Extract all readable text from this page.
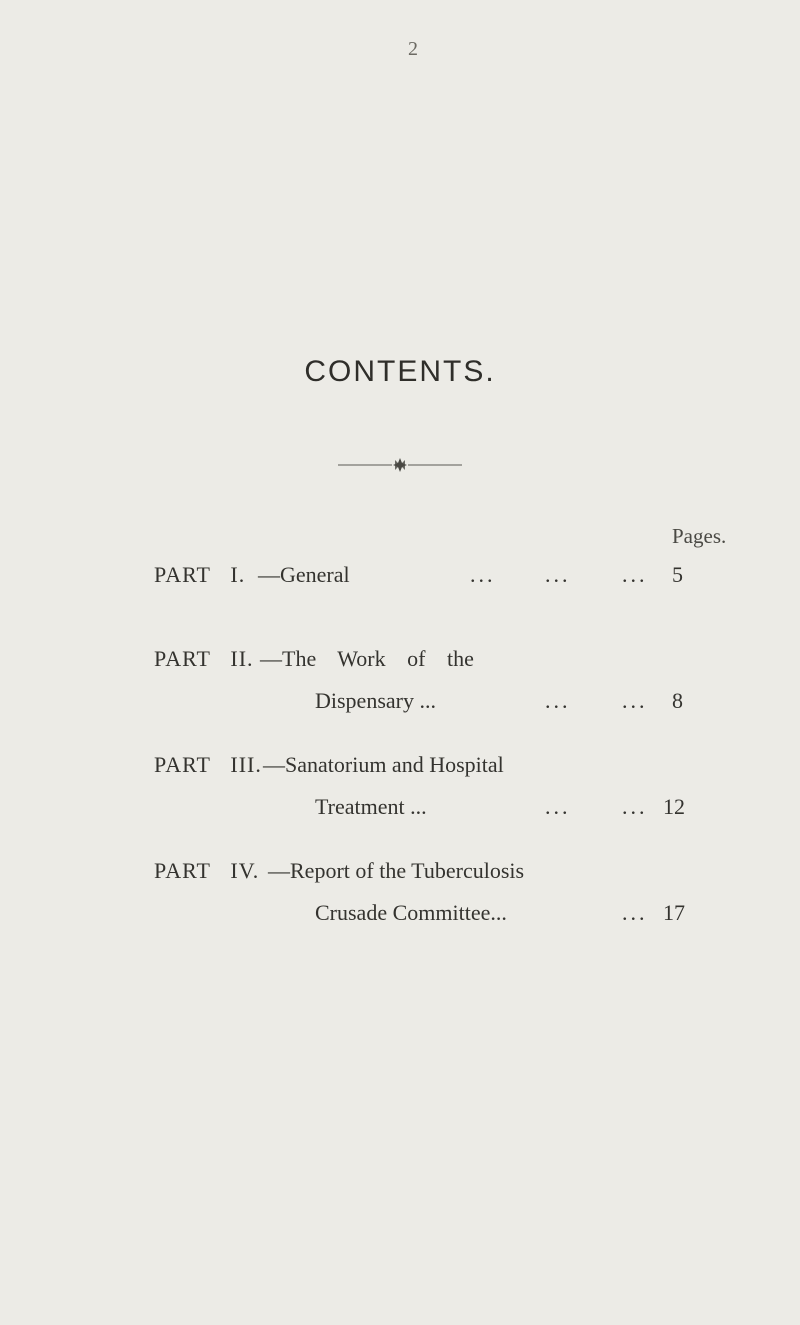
2
CONTENTS.
Pages.
PART I. —General	... ... ... 5
PART II. —The Work of the
Dispensary ...	... ... 8
PART III. —Sanatorium and Hospital
Treatment ...	... ... 12
PART IV. —Report of the Tuberculosis
Crusade Committee...	... 17
